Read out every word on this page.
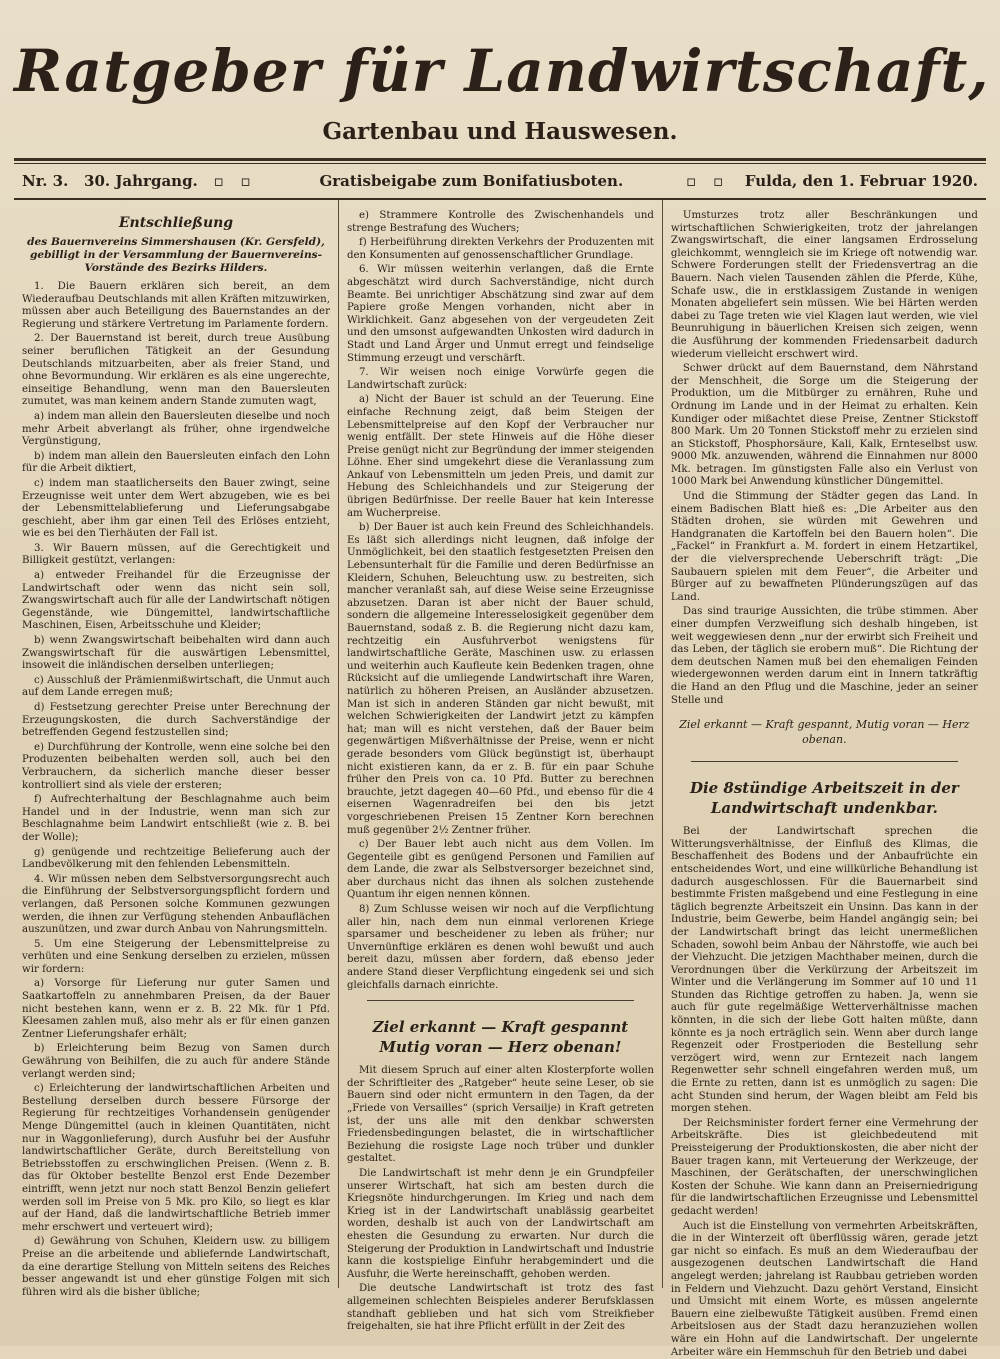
Ratgeber für Landwirtschaft,
Gartenbau und Hauswesen.
Nr. 3. 30. Jahrgang. ▫ ▫	Gratisbeigabe zum Bonifatiusboten.	▫ ▫ Fulda, den 1. Februar 1920.
Entschließung
des Bauernvereins Simmershausen (Kr. Gersfeld), gebilligt in der Versammlung der Bauernvereins-Vorstände des Bezirks Hilders.

1. Die Bauern erklären sich bereit, an dem Wiederaufbau Deutschlands mit allen Kräften mitzuwirken, müssen aber auch Beteiligung des Bauernstandes an der Regierung und stärkere Vertretung im Parlamente fordern.

2. Der Bauernstand ist bereit, durch treue Ausübung seiner beruflichen Tätigkeit an der Gesundung Deutschlands mitzuarbeiten, aber als freier Stand, und ohne Bevormundung. Wir erklären es als eine ungerechte, einseitige Behandlung, wenn man den Bauersleuten zumutet, was man keinem andern Stande zumuten wagt,

a) indem man allein den Bauersleuten dieselbe und noch mehr Arbeit abverlangt als früher, ohne irgendwelche Vergünstigung,

b) indem man allein den Bauersleuten einfach den Lohn für die Arbeit diktiert,

c) indem man staatlicherseits den Bauer zwingt, seine Erzeugnisse weit unter dem Wert abzugeben, wie es bei der Lebensmittelablieferung und Lieferungsabgabe geschieht, aber ihm gar einen Teil des Erlöses entzieht, wie es bei den Tierhäuten der Fall ist.

3. Wir Bauern müssen, auf die Gerechtigkeit und Billigkeit gestützt, verlangen:

a) entweder Freihandel für die Erzeugnisse der Landwirtschaft oder wenn das nicht sein soll, Zwangswirtschaft auch für alle der Landwirtschaft nötigen Gegenstände, wie Düngemittel, landwirtschaftliche Maschinen, Eisen, Arbeitsschuhe und Kleider;

b) wenn Zwangswirtschaft beibehalten wird dann auch Zwangswirtschaft für die auswärtigen Lebensmittel, insoweit die inländischen derselben unterliegen;

c) Ausschluß der Prämienmißwirtschaft, die Unmut auch auf dem Lande erregen muß;

d) Festsetzung gerechter Preise unter Berechnung der Erzeugungskosten, die durch Sachverständige der betreffenden Gegend festzustellen sind;

e) Durchführung der Kontrolle, wenn eine solche bei den Produzenten beibehalten werden soll, auch bei den Verbrauchern, da sicherlich manche dieser besser kontrolliert sind als viele der ersteren;

f) Aufrechterhaltung der Beschlagnahme auch beim Handel und in der Industrie, wenn man sich zur Beschlagnahme beim Landwirt entschließt (wie z. B. bei der Wolle);

g) genügende und rechtzeitige Belieferung auch der Landbevölkerung mit den fehlenden Lebensmitteln.

4. Wir müssen neben dem Selbstversorgungsrecht auch die Einführung der Selbstversorgungspflicht fordern und verlangen, daß Personen solche Kommunen gezwungen werden, die ihnen zur Verfügung stehenden Anbauflächen auszunützen, und zwar durch Anbau von Nahrungsmitteln.

5. Um eine Steigerung der Lebensmittelpreise zu verhüten und eine Senkung derselben zu erzielen, müssen wir fordern:

a) Vorsorge für Lieferung nur guter Samen und Saatkartoffeln zu annehmbaren Preisen, da der Bauer nicht bestehen kann, wenn er z. B. 22 Mk. für 1 Pfd. Kleesamen zahlen muß, also mehr als er für einen ganzen Zentner Lieferungshafer erhält;

b) Erleichterung beim Bezug von Samen durch Gewährung von Beihilfen, die zu auch für andere Stände verlangt werden sind;

c) Erleichterung der landwirtschaftlichen Arbeiten und Bestellung derselben durch bessere Fürsorge der Regierung für rechtzeitiges Vorhandensein genügender Menge Düngemittel (auch in kleinen Quantitäten, nicht nur in Waggonlieferung), durch Ausfuhr bei der Ausfuhr landwirtschaftlicher Geräte, durch Bereitstellung von Betriebsstoffen zu erschwinglichen Preisen. (Wenn z. B. das für Oktober bestellte Benzol erst Ende Dezember eintrifft, wenn jetzt nur noch statt Benzol Benzin geliefert werden soll im Preise von 5 Mk. pro Kilo, so liegt es klar auf der Hand, daß die landwirtschaftliche Betrieb immer mehr erschwert und verteuert wird);

d) Gewährung von Schuhen, Kleidern usw. zu billigem Preise an die arbeitende und abliefernde Landwirtschaft, da eine derartige Stellung von Mitteln seitens des Reiches besser angewandt ist und eher günstige Folgen mit sich führen wird als die bisher übliche;

e) Strammere Kontrolle des Zwischenhandels und strenge Bestrafung des Wuchers;

f) Herbeiführung direkten Verkehrs der Produzenten mit den Konsumenten auf genossenschaftlicher Grundlage.

6. Wir müssen weiterhin verlangen, daß die Ernte abgeschätzt wird durch Sachverständige, nicht durch Beamte. Bei unrichtiger Abschätzung sind zwar auf dem Papiere große Mengen vorhanden, nicht aber in Wirklichkeit. Ganz abgesehen von der vergeudeten Zeit und den umsonst aufgewandten Unkosten wird dadurch in Stadt und Land Ärger und Unmut erregt und feindselige Stimmung erzeugt und verschärft.

7. Wir weisen noch einige Vorwürfe gegen die Landwirtschaft zurück:

a) Nicht der Bauer ist schuld an der Teuerung. Eine einfache Rechnung zeigt, daß beim Steigen der Lebensmittelpreise auf den Kopf der Verbraucher nur wenig entfällt. Der stete Hinweis auf die Höhe dieser Preise genügt nicht zur Begründung der immer steigenden Löhne. Eher sind umgekehrt diese die Veranlassung zum Ankauf von Lebensmitteln um jeden Preis, und damit zur Hebung des Schleichhandels und zur Steigerung der übrigen Bedürfnisse. Der reelle Bauer hat kein Interesse am Wucherpreise.

b) Der Bauer ist auch kein Freund des Schleichhandels. Es läßt sich allerdings nicht leugnen, daß infolge der Unmöglichkeit, bei den staatlich festgesetzten Preisen den Lebensunterhalt für die Familie und deren Bedürfnisse an Kleidern, Schuhen, Beleuchtung usw. zu bestreiten, sich mancher veranlaßt sah, auf diese Weise seine Erzeugnisse abzusetzen. Daran ist aber nicht der Bauer schuld, sondern die allgemeine Interesselosigkeit gegenüber dem Bauernstand, sodaß z. B. die Regierung nicht dazu kam, rechtzeitig ein Ausfuhrverbot wenigstens für landwirtschaftliche Geräte, Maschinen usw. zu erlassen und weiterhin auch Kaufleute kein Bedenken tragen, ohne Rücksicht auf die umliegende Landwirtschaft ihre Waren, natürlich zu höheren Preisen, an Ausländer abzusetzen. Man ist sich in anderen Ständen gar nicht bewußt, mit welchen Schwierigkeiten der Landwirt jetzt zu kämpfen hat; man will es nicht verstehen, daß der Bauer beim gegenwärtigen Mißverhältnisse der Preise, wenn er nicht gerade besonders vom Glück begünstigt ist, überhaupt nicht existieren kann, da er z. B. für ein paar Schuhe früher den Preis von ca. 10 Pfd. Butter zu berechnen brauchte, jetzt dagegen 40—60 Pfd., und ebenso für die 4 eisernen Wagenradreifen bei den bis jetzt vorgeschriebenen Preisen 15 Zentner Korn berechnen muß gegenüber 2½ Zentner früher.

c) Der Bauer lebt auch nicht aus dem Vollen. Im Gegenteile gibt es genügend Personen und Familien auf dem Lande, die zwar als Selbstversorger bezeichnet sind, aber durchaus nicht das ihnen als solchen zustehende Quantum ihr eigen nennen können.

8) Zum Schlusse weisen wir noch auf die Verpflichtung aller hin, nach dem nun einmal verlorenen Kriege sparsamer und bescheidener zu leben als früher; nur Unvernünftige erklären es denen wohl bewußt und auch bereit dazu, müssen aber fordern, daß ebenso jeder andere Stand dieser Verpflichtung eingedenk sei und sich gleichfalls darnach einrichte.

Ziel erkannt — Kraft gespannt Mutig voran — Herz obenan!

Mit diesem Spruch auf einer alten Klosterpforte wollen der Schriftleiter des „Ratgeber“ heute seine Leser, ob sie Bauern sind oder nicht ermuntern in den Tagen, da der „Friede von Versailles“ (sprich Versailje) in Kraft getreten ist, der uns alle mit den denkbar schwersten Friedensbedingungen belastet, die in wirtschaftlicher Beziehung die rosigste Lage noch trüber und dunkler gestaltet.

Die Landwirtschaft ist mehr denn je ein Grundpfeiler unserer Wirtschaft, hat sich am besten durch die Kriegsnöte hindurchgerungen. Im Krieg und nach dem Krieg ist in der Landwirtschaft unablässig gearbeitet worden, deshalb ist auch von der Landwirtschaft am ehesten die Gesundung zu erwarten. Nur durch die Steigerung der Produktion in Landwirtschaft und Industrie kann die kostspielige Einfuhr herabgemindert und die Ausfuhr, die Werte hereinschafft, gehoben werden.

Die deutsche Landwirtschaft ist trotz des fast allgemeinen schlechten Beispieles anderer Berufsklassen standhaft geblieben und hat sich vom Streikfieber freigehalten, sie hat ihre Pflicht erfüllt in der Zeit des

Umsturzes trotz aller Beschränkungen und wirtschaftlichen Schwierigkeiten, trotz der jahrelangen Zwangswirtschaft, die einer langsamen Erdrosselung gleichkommt, wenngleich sie im Kriege oft notwendig war. Schwere Forderungen stellt der Friedensvertrag an die Bauern. Nach vielen Tausenden zählen die Pferde, Kühe, Schafe usw., die in erstklassigem Zustande in wenigen Monaten abgeliefert sein müssen. Wie bei Härten werden dabei zu Tage treten wie viel Klagen laut werden, wie viel Beunruhigung in bäuerlichen Kreisen sich zeigen, wenn die Ausführung der kommenden Friedensarbeit dadurch wiederum vielleicht erschwert wird.

Schwer drückt auf dem Bauernstand, dem Nährstand der Menschheit, die Sorge um die Steigerung der Produktion, um die Mitbürger zu ernähren, Ruhe und Ordnung im Lande und in der Heimat zu erhalten. Kein Kundiger oder mißachtet diese Preise, Zentner Stickstoff 800 Mark. Um 20 Tonnen Stickstoff mehr zu erzielen sind an Stickstoff, Phosphorsäure, Kali, Kalk, Ernteselbst usw. 9000 Mk. anzuwenden, während die Einnahmen nur 8000 Mk. betragen. Im günstigsten Falle also ein Verlust von 1000 Mark bei Anwendung künstlicher Düngemittel.

Und die Stimmung der Städter gegen das Land. In einem Badischen Blatt hieß es: „Die Arbeiter aus den Städten drohen, sie würden mit Gewehren und Handgranaten die Kartoffeln bei den Bauern holen“. Die „Fackel“ in Frankfurt a. M. fordert in einem Hetzartikel, der die vielversprechende Ueberschrift trägt: „Die Saubauern spielen mit dem Feuer“, die Arbeiter und Bürger auf zu bewaffneten Plünderungszügen auf das Land.

Das sind traurige Aussichten, die trübe stimmen. Aber einer dumpfen Verzweiflung sich deshalb hingeben, ist weit weggewiesen denn „nur der erwirbt sich Freiheit und das Leben, der täglich sie erobern muß“. Die Richtung der dem deutschen Namen muß bei den ehemaligen Feinden wiedergewonnen werden darum eint in Innern tatkräftig die Hand an den Pflug und die Maschine, jeder an seiner Stelle und

Ziel erkannt — Kraft gespannt, Mutig voran — Herz obenan.
Die 8stündige Arbeitszeit in der Landwirtschaft undenkbar.

Bei der Landwirtschaft sprechen die Witterungsverhältnisse, der Einfluß des Klimas, die Beschaffenheit des Bodens und der Anbaufrüchte ein entscheidendes Wort, und eine willkürliche Behandlung ist dadurch ausgeschlossen. Für die Bauernarbeit sind bestimmte Fristen maßgebend und eine Festlegung in eine täglich begrenzte Arbeitszeit ein Unsinn. Das kann in der Industrie, beim Gewerbe, beim Handel angängig sein; bei der Landwirtschaft bringt das leicht unermeßlichen Schaden, sowohl beim Anbau der Nährstoffe, wie auch bei der Viehzucht. Die jetzigen Machthaber meinen, durch die Verordnungen über die Verkürzung der Arbeitszeit im Winter und die Verlängerung im Sommer auf 10 und 11 Stunden das Richtige getroffen zu haben. Ja, wenn sie auch für gute regelmäßige Wetterverhältnisse machen könnten, in die sich der liebe Gott halten müßte, dann könnte es ja noch erträglich sein. Wenn aber durch lange Regenzeit oder Frostperioden die Bestellung sehr verzögert wird, wenn zur Erntezeit nach langem Regenwetter sehr schnell eingefahren werden muß, um die Ernte zu retten, dann ist es unmöglich zu sagen: Die acht Stunden sind herum, der Wagen bleibt am Feld bis morgen stehen.

Der Reichsminister fordert ferner eine Vermehrung der Arbeitskräfte. Dies ist gleichbedeutend mit Preissteigerung der Produktionskosten, die aber nicht der Bauer tragen kann, mit Verteuerung der Werkzeuge, der Maschinen, der Gerätschaften, der unerschwinglichen Kosten der Schuhe. Wie kann dann an Preiserniedrigung für die landwirtschaftlichen Erzeugnisse und Lebensmittel gedacht werden!

Auch ist die Einstellung von vermehrten Arbeitskräften, die in der Winterzeit oft überflüssig wären, gerade jetzt gar nicht so einfach. Es muß an dem Wiederaufbau der ausgezogenen deutschen Landwirtschaft die Hand angelegt werden; jahrelang ist Raubbau getrieben worden in Feldern und Viehzucht. Dazu gehört Verstand, Einsicht und Umsicht mit einem Worte, es müssen angelernte Bauern eine zielbewußte Tätigkeit ausüben. Fremd einen Arbeitslosen aus der Stadt dazu heranzuziehen wollen wäre ein Hohn auf die Landwirtschaft. Der ungelernte Arbeiter wäre ein Hemmschuh für den Betrieb und dabei
